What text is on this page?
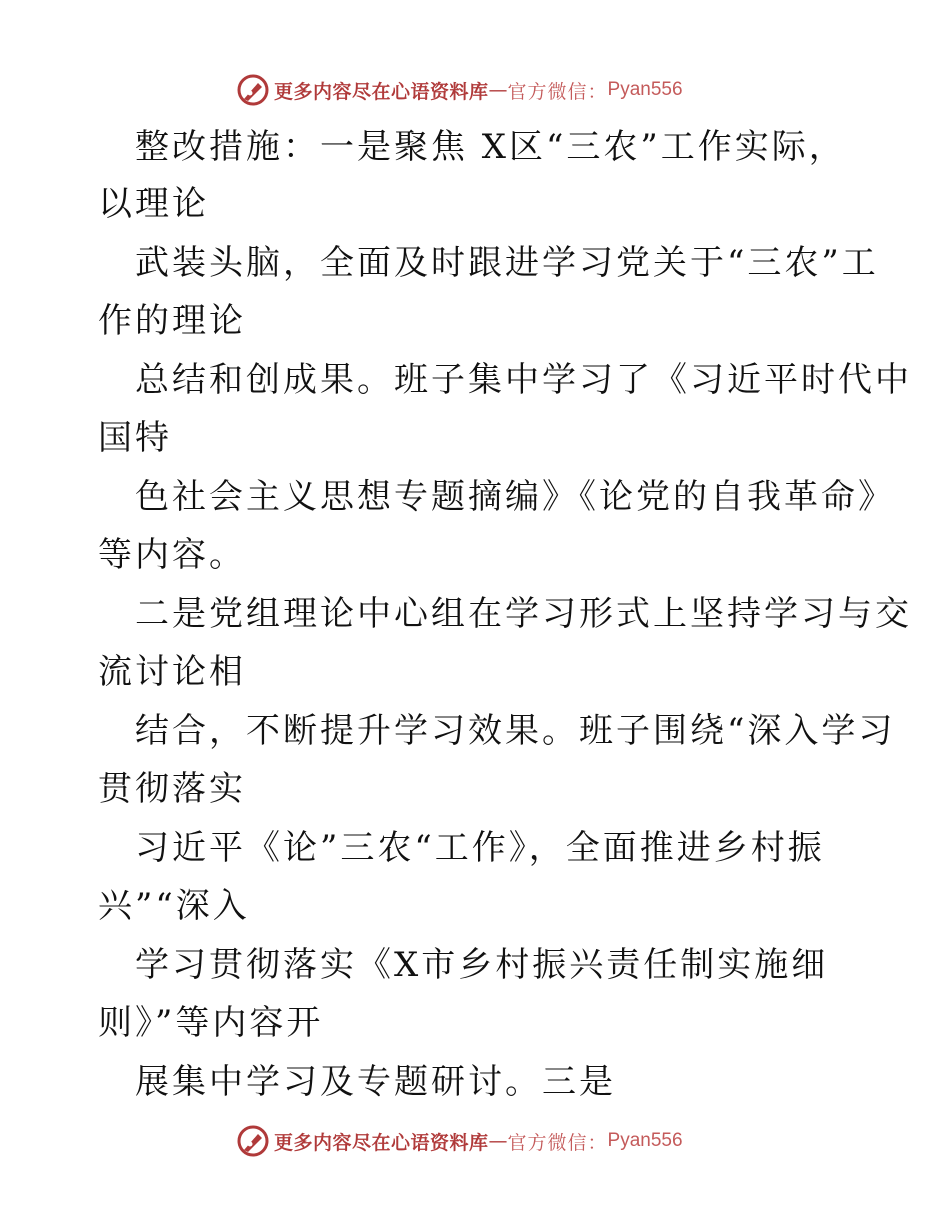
更多内容尽在心语资料库 — 官方微信： Pyan556
整改措施：一是聚焦 X区“三农”工作实际，
以理论
武装头脑，全面及时跟进学习党关于“三农”工
作的理论
总结和创成果。班子集中学习了《习近平时代中
国特
色社会主义思想专题摘编》《论党的自我革命》
等内容。
二是党组理论中心组在学习形式上坚持学习与交
流讨论相
结合，不断提升学习效果。班子围绕“深入学习
贯彻落实
习近平《论”三农“工作》，全面推进乡村振
兴”“深入
学习贯彻落实《X市乡村振兴责任制实施细
则》”等内容开
展集中学习及专题研讨。三是
更多内容尽在心语资料库 — 官方微信： Pyan556
